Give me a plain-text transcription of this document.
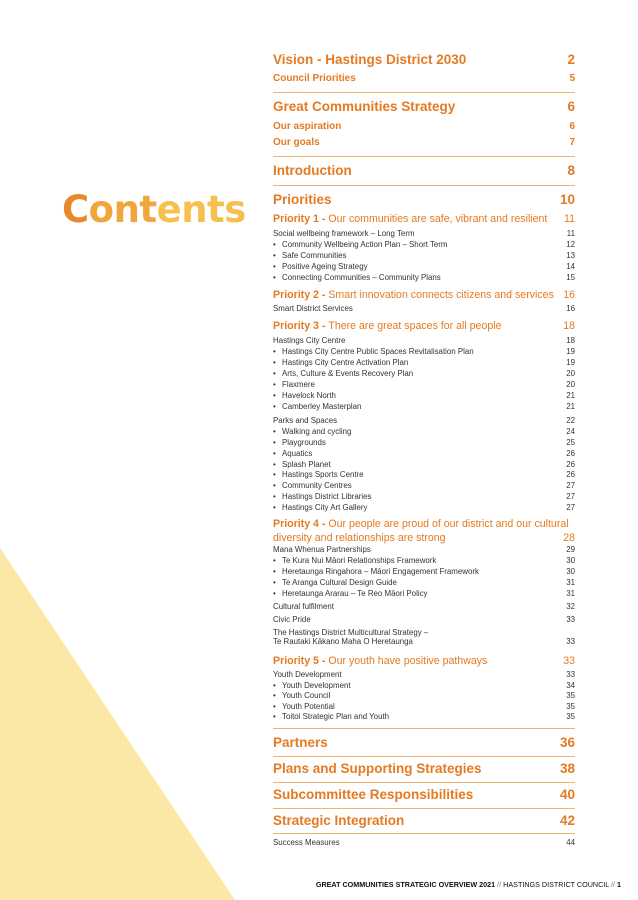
Contents
Vision - Hastings District 2030	2
Council Priorities	5
Great Communities Strategy	6
Our aspiration	6
Our goals	7
Introduction	8
Priorities	10
Priority 1 - Our communities are safe, vibrant and resilient 11
Social wellbeing framework – Long Term	11
• Community Wellbeing Action Plan – Short Term	12
• Safe Communities	13
• Positive Ageing Strategy	14
• Connecting Communities – Community Plans	15
Priority 2 - Smart innovation connects citizens and services 16
Smart District Services	16
Priority 3 - There are great spaces for all people	18
Hastings City Centre	18
• Hastings City Centre Public Spaces Revitalisation Plan	19
• Hastings City Centre Activation Plan	19
• Arts, Culture & Events Recovery Plan	20
• Flaxmere	20
• Havelock North	21
• Camberley Masterplan	21
Parks and Spaces	22
• Walking and cycling	24
• Playgrounds	25
• Aquatics	26
• Splash Planet	26
• Hastings Sports Centre	26
• Community Centres	27
• Hastings District Libraries	27
• Hastings City Art Gallery	27
Priority 4 - Our people are proud of our district and our cultural
diversity and relationships are strong	28
Mana Whenua Partnerships	29
• Te Kura Nui Māori Relationships Framework	30
• Heretaunga Ringahora – Māori Engagement Framework	30
• Te Aranga Cultural Design Guide	31
• Heretaunga Ararau – Te Reo Māori Policy	31
Cultural fulfilment	32
Civic Pride	33
The Hastings District Multicultural Strategy –
Te Rautaki Kākano Maha O Heretaunga	33
Priority 5 - Our youth have positive pathways	33
Youth Development	33
• Youth Development	34
• Youth Council	35
• Youth Potential	35
• Toitoi Strategic Plan and Youth	35
Partners	36
Plans and Supporting Strategies	38
Subcommittee Responsibilities	40
Strategic Integration	42
Success Measures	44
GREAT COMMUNITIES STRATEGIC OVERVIEW 2021 // HASTINGS DISTRICT COUNCIL // 1
